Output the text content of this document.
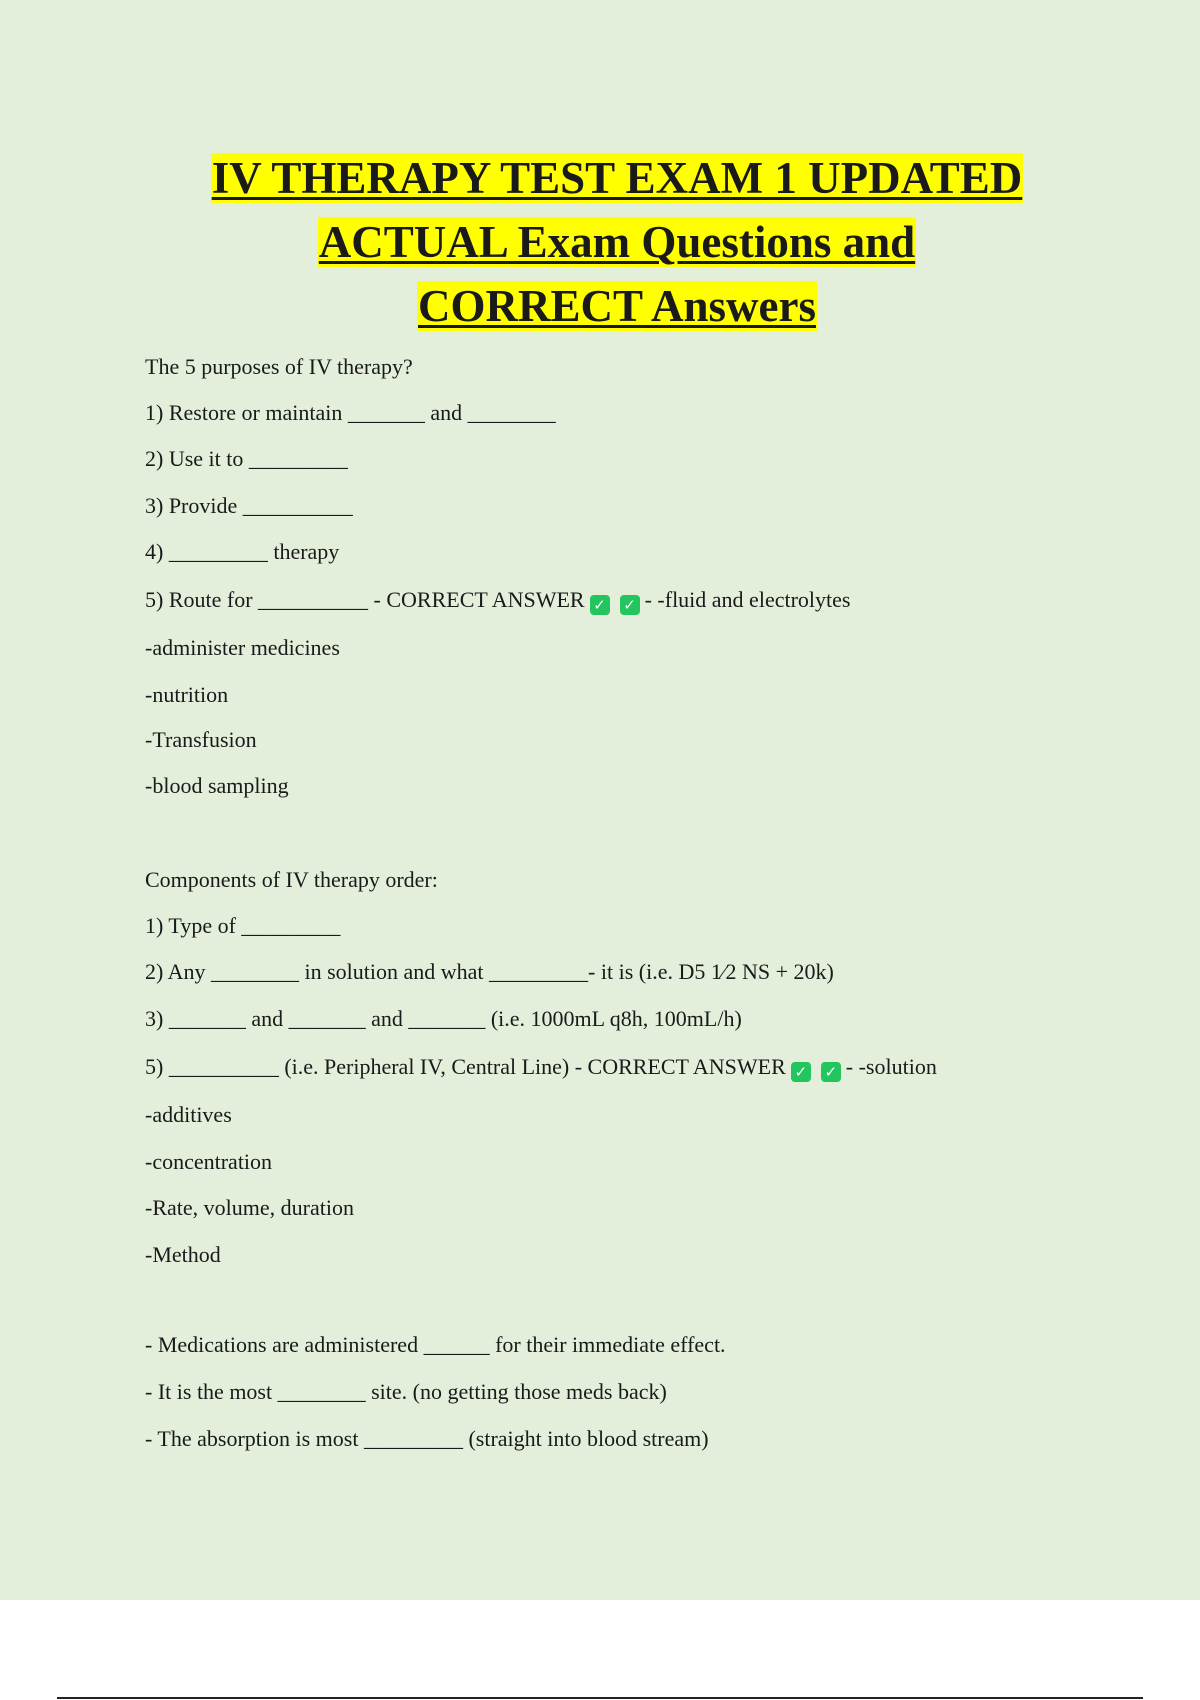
IV THERAPY TEST EXAM 1 UPDATED
ACTUAL Exam Questions and
CORRECT Answers
The 5 purposes of IV therapy?
1) Restore or maintain _______ and ________
2) Use it to _________
3) Provide __________
4) _________ therapy
5) Route for __________ - CORRECT ANSWER ✓ ✓ - -fluid and electrolytes
-administer medicines
-nutrition
-Transfusion
-blood sampling
Components of IV therapy order:
1) Type of _________
2) Any ________ in solution and what _________- it is (i.e. D5 1⁄2 NS + 20k)
3) _______ and _______ and _______ (i.e. 1000mL q8h, 100mL/h)
5) __________ (i.e. Peripheral IV, Central Line) - CORRECT ANSWER ✓ ✓ - -solution
-additives
-concentration
-Rate, volume, duration
-Method
- Medications are administered ______ for their immediate effect.
- It is the most ________ site. (no getting those meds back)
- The absorption is most _________ (straight into blood stream)
